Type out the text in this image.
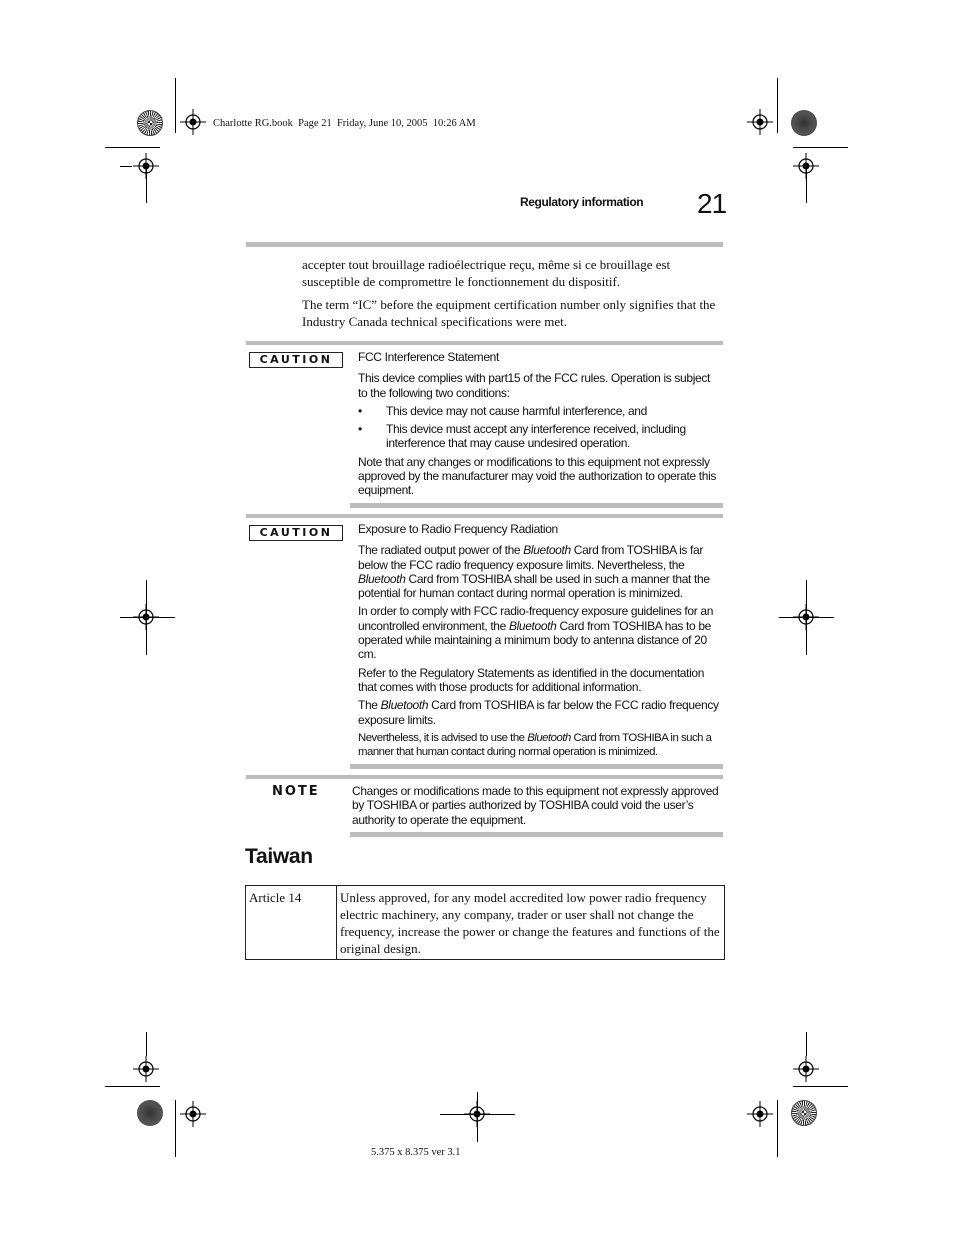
Charlotte RG.book  Page 21  Friday, June 10, 2005  10:26 AM
Regulatory information 21
accepter tout brouillage radioélectrique reçu, même si ce brouillage est
susceptible de compromettre le fonctionnement du dispositif.
The term “IC” before the equipment certification number only signifies that the
Industry Canada technical specifications were met.
CAUTION	FCC Interference Statement

This device complies with part15 of the FCC rules. Operation is subject to the following two conditions:

• This device may not cause harmful interference, and
• This device must accept any interference received, including interference that may cause undesired operation.

Note that any changes or modifications to this equipment not expressly approved by the manufacturer may void the authorization to operate this equipment.

CAUTION	Exposure to Radio Frequency Radiation

The radiated output power of the Bluetooth Card from TOSHIBA is far below the FCC radio frequency exposure limits. Nevertheless, the Bluetooth Card from TOSHIBA shall be used in such a manner that the potential for human contact during normal operation is minimized.

In order to comply with FCC radio-frequency exposure guidelines for an uncontrolled environment, the Bluetooth Card from TOSHIBA has to be operated while maintaining a minimum body to antenna distance of 20 cm.

Refer to the Regulatory Statements as identified in the documentation that comes with those products for additional information.

The Bluetooth Card from TOSHIBA is far below the FCC radio frequency exposure limits.

Nevertheless, it is advised to use the Bluetooth Card from TOSHIBA in such a manner that human contact during normal operation is minimized.

NOTE	Changes or modifications made to this equipment not expressly approved by TOSHIBA or parties authorized by TOSHIBA could void the user’s authority to operate the equipment.
Taiwan
Article 14	Unless approved, for any model accredited low power radio frequency electric machinery, any company, trader or user shall not change the frequency, increase the power or change the features and functions of the original design.
5.375 x 8.375 ver 3.1
